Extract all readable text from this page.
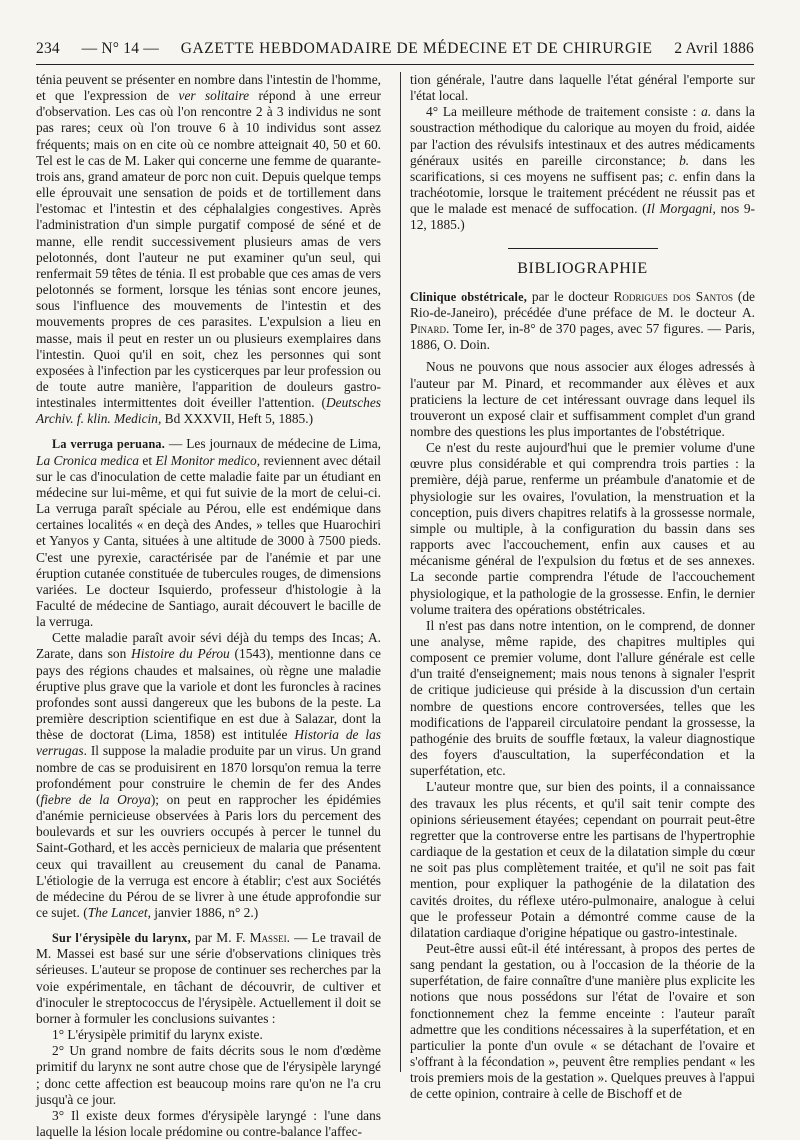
234 — N° 14 — GAZETTE HEBDOMADAIRE DE MÉDECINE ET DE CHIRURGIE 2 Avril 1886

ténia peuvent se présenter en nombre dans l'intestin de l'homme, et que l'expression de ver solitaire répond à une erreur d'observation. Les cas où l'on rencontre 2 à 3 individus ne sont pas rares; ceux où l'on trouve 6 à 10 individus sont assez fréquents; mais on en cite où ce nombre atteignait 40, 50 et 60. Tel est le cas de M. Laker qui concerne une femme de quarante-trois ans, grand amateur de porc non cuit. Depuis quelque temps elle éprouvait une sensation de poids et de tortillement dans l'estomac et l'intestin et des céphalalgies congestives. Après l'administration d'un simple purgatif composé de séné et de manne, elle rendit successivement plusieurs amas de vers pelotonnés, dont l'auteur ne put examiner qu'un seul, qui renfermait 59 têtes de ténia. Il est probable que ces amas de vers pelotonnés se forment, lorsque les ténias sont encore jeunes, sous l'influence des mouvements de l'intestin et des mouvements propres de ces parasites. L'expulsion a lieu en masse, mais il peut en rester un ou plusieurs exemplaires dans l'intestin. Quoi qu'il en soit, chez les personnes qui sont exposées à l'infection par les cysticerques par leur profession ou de toute autre manière, l'apparition de douleurs gastro-intestinales intermittentes doit éveiller l'attention. (Deutsches Archiv. f. klin. Medicin, Bd XXXVII, Heft 5, 1885.)

La verruga peruana. — Les journaux de médecine de Lima, La Cronica medica et El Monitor medico, reviennent avec détail sur le cas d'inoculation de cette maladie faite par un étudiant en médecine sur lui-même, et qui fut suivie de la mort de celui-ci. La verruga paraît spéciale au Pérou, elle est endémique dans certaines localités « en deçà des Andes, » telles que Huarochiri et Yanyos y Canta, situées à une altitude de 3000 à 7500 pieds. C'est une pyrexie, caractérisée par de l'anémie et par une éruption cutanée constituée de tubercules rouges, de dimensions variées. Le docteur Isquierdo, professeur d'histologie à la Faculté de médecine de Santiago, aurait découvert le bacille de la verruga.

Cette maladie paraît avoir sévi déjà du temps des Incas; A. Zarate, dans son Histoire du Pérou (1543), mentionne dans ce pays des régions chaudes et malsaines, où règne une maladie éruptive plus grave que la variole et dont les furoncles à racines profondes sont aussi dangereux que les bubons de la peste. La première description scientifique en est due à Salazar, dont la thèse de doctorat (Lima, 1858) est intitulée Historia de las verrugas. Il suppose la maladie produite par un virus. Un grand nombre de cas se produisirent en 1870 lorsqu'on remua la terre profondément pour construire le chemin de fer des Andes (fiebre de la Oroya); on peut en rapprocher les épidémies d'anémie pernicieuse observées à Paris lors du percement des boulevards et sur les ouvriers occupés à percer le tunnel du Saint-Gothard, et les accès pernicieux de malaria que présentent ceux qui travaillent au creusement du canal de Panama. L'étiologie de la verruga est encore à établir; c'est aux Sociétés de médecine du Pérou de se livrer à une étude approfondie sur ce sujet. (The Lancet, janvier 1886, n° 2.)

Sur l'érysipèle du larynx, par M. F. Massei. — Le travail de M. Massei est basé sur une série d'observations cliniques très sérieuses. L'auteur se propose de continuer ses recherches par la voie expérimentale, en tâchant de découvrir, de cultiver et d'inoculer le streptococcus de l'érysipèle. Actuellement il doit se borner à formuler les conclusions suivantes :

1° L'érysipèle primitif du larynx existe.

2° Un grand nombre de faits décrits sous le nom d'œdème primitif du larynx ne sont autre chose que de l'érysipèle laryngé ; donc cette affection est beaucoup moins rare qu'on ne l'a cru jusqu'à ce jour.

3° Il existe deux formes d'érysipèle laryngé : l'une dans laquelle la lésion locale prédomine ou contre-balance l'affec-

tion générale, l'autre dans laquelle l'état général l'emporte sur l'état local.

4° La meilleure méthode de traitement consiste : a. dans la soustraction méthodique du calorique au moyen du froid, aidée par l'action des révulsifs intestinaux et des autres médicaments généraux usités en pareille circonstance; b. dans les scarifications, si ces moyens ne suffisent pas; c. enfin dans la trachéotomie, lorsque le traitement précédent ne réussit pas et que le malade est menacé de suffocation. (Il Morgagni, nos 9-12, 1885.)

BIBLIOGRAPHIE

Clinique obstétricale, par le docteur Rodrigues dos Santos (de Rio-de-Janeiro), précédée d'une préface de M. le docteur A. Pinard. Tome Ier, in-8° de 370 pages, avec 57 figures. — Paris, 1886, O. Doin.

Nous ne pouvons que nous associer aux éloges adressés à l'auteur par M. Pinard, et recommander aux élèves et aux praticiens la lecture de cet intéressant ouvrage dans lequel ils trouveront un exposé clair et suffisamment complet d'un grand nombre des questions les plus importantes de l'obstétrique.

Ce n'est du reste aujourd'hui que le premier volume d'une œuvre plus considérable et qui comprendra trois parties : la première, déjà parue, renferme un préambule d'anatomie et de physiologie sur les ovaires, l'ovulation, la menstruation et la conception, puis divers chapitres relatifs à la grossesse normale, simple ou multiple, à la configuration du bassin dans ses rapports avec l'accouchement, enfin aux causes et au mécanisme général de l'expulsion du fœtus et de ses annexes. La seconde partie comprendra l'étude de l'accouchement physiologique, et la pathologie de la grossesse. Enfin, le dernier volume traitera des opérations obstétricales.

Il n'est pas dans notre intention, on le comprend, de donner une analyse, même rapide, des chapitres multiples qui composent ce premier volume, dont l'allure générale est celle d'un traité d'enseignement; mais nous tenons à signaler l'esprit de critique judicieuse qui préside à la discussion d'un certain nombre de questions encore controversées, telles que les modifications de l'appareil circulatoire pendant la grossesse, la pathogénie des bruits de souffle fœtaux, la valeur diagnostique des foyers d'auscultation, la superfécondation et la superfétation, etc.

L'auteur montre que, sur bien des points, il a connaissance des travaux les plus récents, et qu'il sait tenir compte des opinions sérieusement étayées; cependant on pourrait peut-être regretter que la controverse entre les partisans de l'hypertrophie cardiaque de la gestation et ceux de la dilatation simple du cœur ne soit pas plus complètement traitée, et qu'il ne soit pas fait mention, pour expliquer la pathogénie de la dilatation des cavités droites, du réflexe utéro-pulmonaire, analogue à celui que le professeur Potain a démontré comme cause de la dilatation cardiaque d'origine hépatique ou gastro-intestinale.

Peut-être aussi eût-il été intéressant, à propos des pertes de sang pendant la gestation, ou à l'occasion de la théorie de la superfétation, de faire connaître d'une manière plus explicite les notions que nous possédons sur l'état de l'ovaire et son fonctionnement chez la femme enceinte : l'auteur paraît admettre que les conditions nécessaires à la superfétation, et en particulier la ponte d'un ovule « se détachant de l'ovaire et s'offrant à la fécondation », peuvent être remplies pendant « les trois premiers mois de la gestation ». Quelques preuves à l'appui de cette opinion, contraire à celle de Bischoff et de
